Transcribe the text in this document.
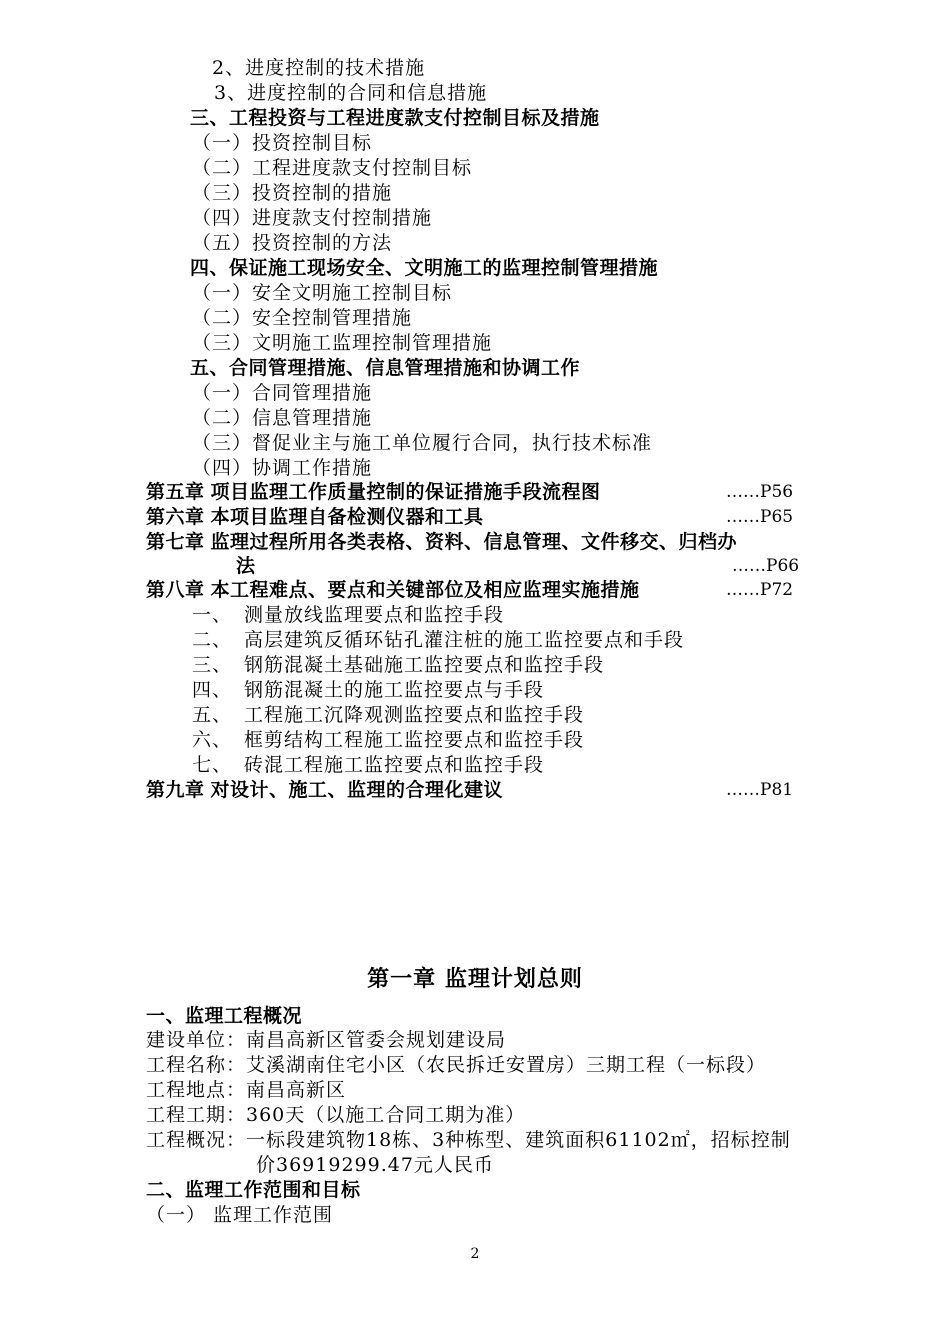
2、进度控制的技术措施
3、进度控制的合同和信息措施
三、工程投资与工程进度款支付控制目标及措施
（一）投资控制目标
（二）工程进度款支付控制目标
（三）投资控制的措施
（四）进度款支付控制措施
（五）投资控制的方法
四、保证施工现场安全、文明施工的监理控制管理措施
（一）安全文明施工控制目标
（二）安全控制管理措施
（三）文明施工监理控制管理措施
五、合同管理措施、信息管理措施和协调工作
（一）合同管理措施
（二）信息管理措施
（三）督促业主与施工单位履行合同，执行技术标准
（四）协调工作措施
第五章 项目监理工作质量控制的保证措施手段流程图	……P56
第六章 本项目监理自备检测仪器和工具	……P65
第七章 监理过程所用各类表格、资料、信息管理、文件移交、归档办
法	……P66
第八章 本工程难点、要点和关键部位及相应监理实施措施	……P72
一、 测量放线监理要点和监控手段
二、 高层建筑反循环钻孔灌注桩的施工监控要点和手段
三、 钢筋混凝土基础施工监控要点和监控手段
四、 钢筋混凝土的施工监控要点与手段
五、 工程施工沉降观测监控要点和监控手段
六、 框剪结构工程施工监控要点和监控手段
七、 砖混工程施工监控要点和监控手段
第九章 对设计、施工、监理的合理化建议	……P81
第一章 监理计划总则
一、监理工程概况
建设单位：南昌高新区管委会规划建设局
工程名称：艾溪湖南住宅小区（农民拆迁安置房）三期工程（一标段）
工程地点：南昌高新区
工程工期：360天（以施工合同工期为准）
工程概况：一标段建筑物18栋、3种栋型、建筑面积61102㎡，招标控制
价36919299.47元人民币
二、监理工作范围和目标
（一） 监理工作范围
2
